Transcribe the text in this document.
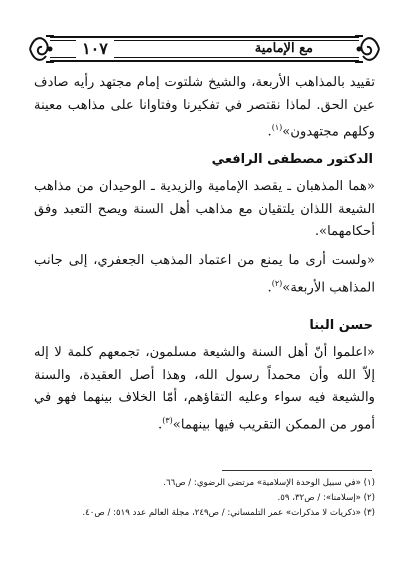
مع الإمامية
١٠٧
تقييد بالمذاهب الأربعة، والشيخ شلتوت إمام مجتهد رأيه صادف عين الحق. لماذا نقتصر في تفكيرنا وفتاوانا على مذاهب معينة وكلهم مجتهدون»$^{(١)}$.
الدكتور مصطفى الرافعي
«هما المذهبان ـ يقصد الإمامية والزيدية ـ الوحيدان من مذاهب الشيعة اللذان يلتقيان مع مذاهب أهل السنة ويصح التعبد وفق أحكامهما».
«ولست أرى ما يمنع من اعتماد المذهب الجعفري، إلى جانب المذاهب الأربعة»$^{(٢)}$.
حسن البنا
«اعلموا أنّ أهل السنة والشيعة مسلمون، تجمعهم كلمة لا إله إلاّ الله وأن محمداً رسول الله، وهذا أصل العقيدة، والسنة والشيعة فيه سواء وعليه التقاؤهم، أمّا الخلاف بينهما فهو في أمور من الممكن التقريب فيها بينهما»$^{(٣)}$.

(١) «في سبيل الوحدة الإسلامية» مرتضى الرضوي: / ص٦٦.

(٢) «إسلامنا»: / ص٣٢، ٥٩.

(٣) «ذكريات لا مذكرات» عمر التلمساني: / ص٢٤٩، مجلة العالم عدد ٥١٩: / ص٤٠.
